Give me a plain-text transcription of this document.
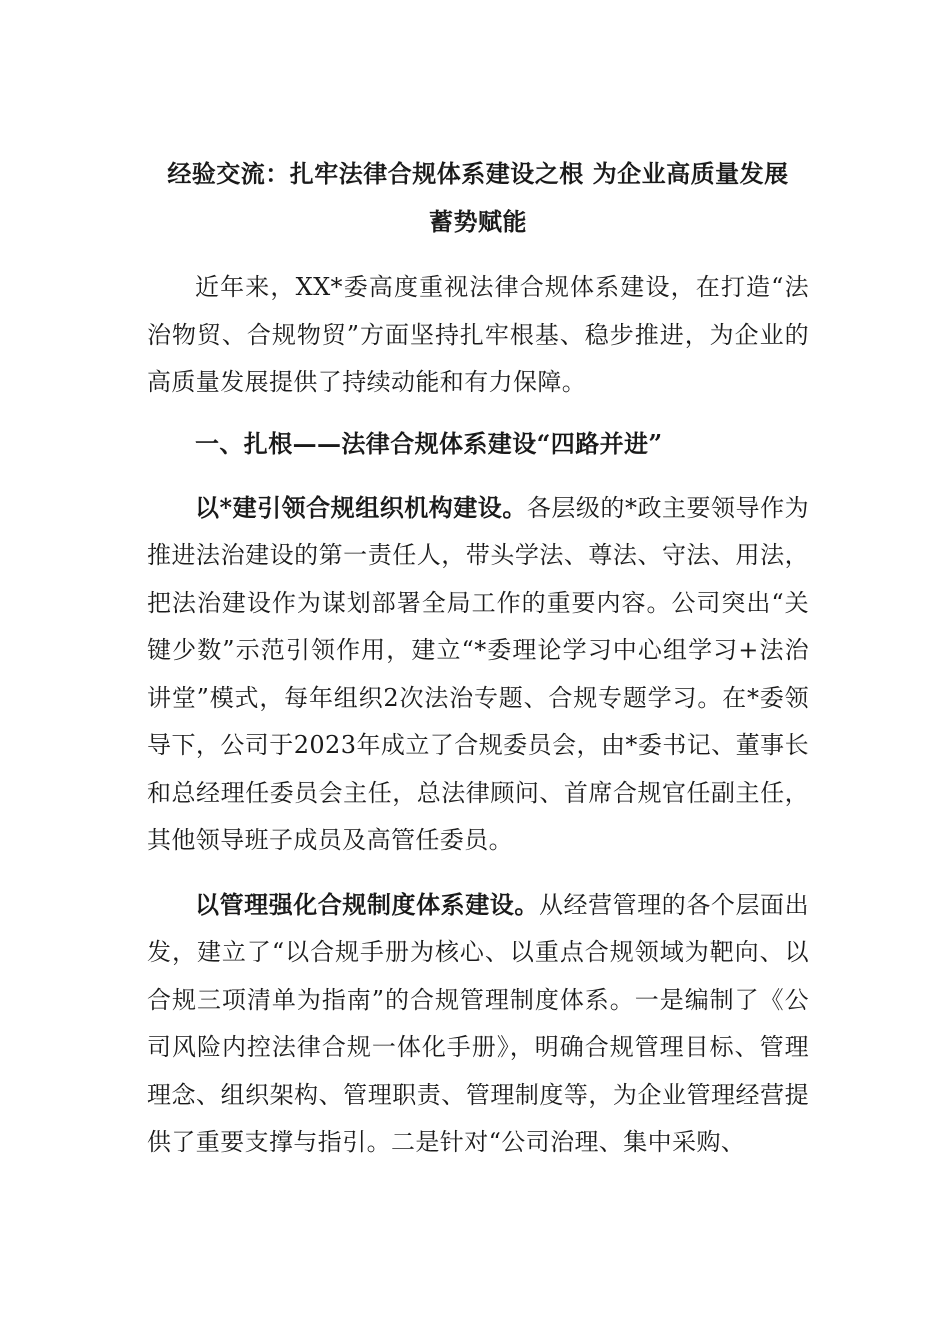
经验交流：扎牢法律合规体系建设之根 为企业高质量发展
蓄势赋能

近年来，XX*委高度重视法律合规体系建设，在打造“法治物贸、合规物贸”方面坚持扎牢根基、稳步推进，为企业的高质量发展提供了持续动能和有力保障。

一、扎根——法律合规体系建设“四路并进”

以*建引领合规组织机构建设。各层级的*政主要领导作为推进法治建设的第一责任人，带头学法、尊法、守法、用法，把法治建设作为谋划部署全局工作的重要内容。公司突出“关键少数”示范引领作用，建立“*委理论学习中心组学习+法治讲堂”模式，每年组织2次法治专题、合规专题学习。在*委领导下，公司于2023年成立了合规委员会，由*委书记、董事长和总经理任委员会主任，总法律顾问、首席合规官任副主任，其他领导班子成员及高管任委员。

以管理强化合规制度体系建设。从经营管理的各个层面出发，建立了“以合规手册为核心、以重点合规领域为靶向、以合规三项清单为指南”的合规管理制度体系。一是编制了《公司风险内控法律合规一体化手册》，明确合规管理目标、管理理念、组织架构、管理职责、管理制度等，为企业管理经营提供了重要支撑与指引。二是针对“公司治理、集中采购、
